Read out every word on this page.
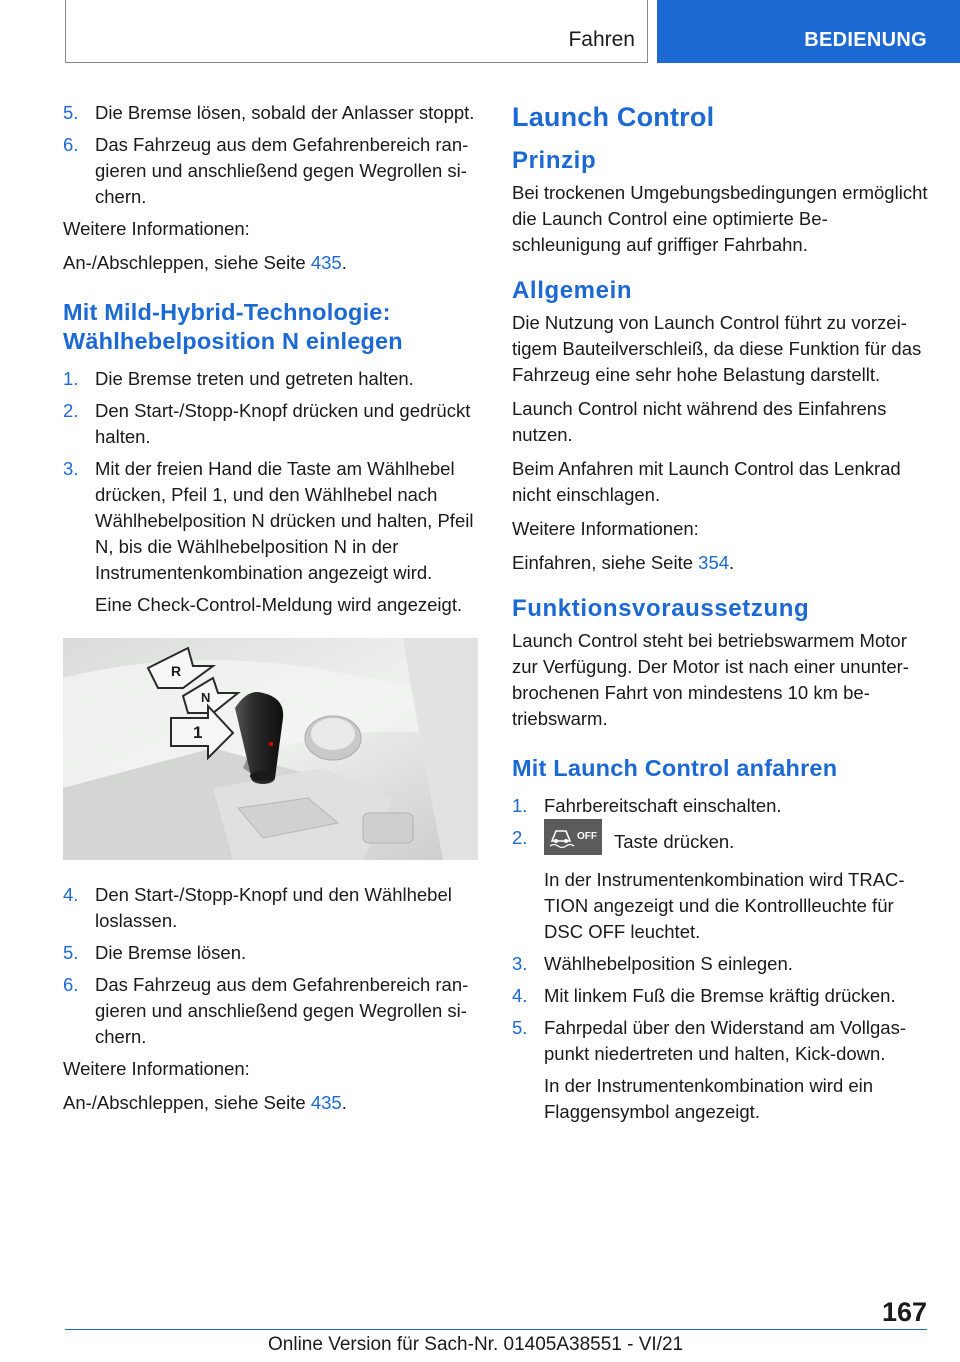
Fahren	BEDIENUNG
5. Die Bremse lösen, sobald der Anlasser stoppt.
6. Das Fahrzeug aus dem Gefahrenbereich rangieren und anschließend gegen Wegrollen sichern.

Weitere Informationen:

An-/Abschleppen, siehe Seite 435.

Mit Mild-Hybrid-Technologie: Wählhebelposition N einlegen
1. Die Bremse treten und getreten halten.
2. Den Start-/Stopp-Knopf drücken und gedrückt halten.
3. Mit der freien Hand die Taste am Wählhebel drücken, Pfeil 1, und den Wählhebel nach Wählhebelposition N drücken und halten, Pfeil N, bis die Wählhebelposition N in der Instrumentenkombination angezeigt wird.
Eine Check-Control-Meldung wird angezeigt.
R
N
1
4. Den Start-/Stopp-Knopf und den Wählhebel loslassen.
5. Die Bremse lösen.
6. Das Fahrzeug aus dem Gefahrenbereich rangieren und anschließend gegen Wegrollen sichern.

Weitere Informationen:

An-/Abschleppen, siehe Seite 435.

Launch Control
Prinzip

Bei trockenen Umgebungsbedingungen ermöglicht die Launch Control eine optimierte Beschleunigung auf griffiger Fahrbahn.

Allgemein

Die Nutzung von Launch Control führt zu vorzeitigem Bauteilverschleiß, da diese Funktion für das Fahrzeug eine sehr hohe Belastung darstellt.

Launch Control nicht während des Einfahrens nutzen.

Beim Anfahren mit Launch Control das Lenkrad nicht einschlagen.

Weitere Informationen:

Einfahren, siehe Seite 354.

Funktionsvoraussetzung

Launch Control steht bei betriebswarmem Motor zur Verfügung. Der Motor ist nach einer ununterbrochenen Fahrt von mindestens 10 km betriebswarm.

Mit Launch Control anfahren
1. Fahrbereitschaft einschalten.
2.	OFF Taste drücken.
In der Instrumentenkombination wird TRACTION angezeigt und die Kontrollleuchte für DSC OFF leuchtet.
3. Wählhebelposition S einlegen.
4. Mit linkem Fuß die Bremse kräftig drücken.
5. Fahrpedal über den Widerstand am Vollgaspunkt niedertreten und halten, Kick-down.
In der Instrumentenkombination wird ein Flaggensymbol angezeigt.
167
Online Version für Sach-Nr. 01405A38551 - VI/21
